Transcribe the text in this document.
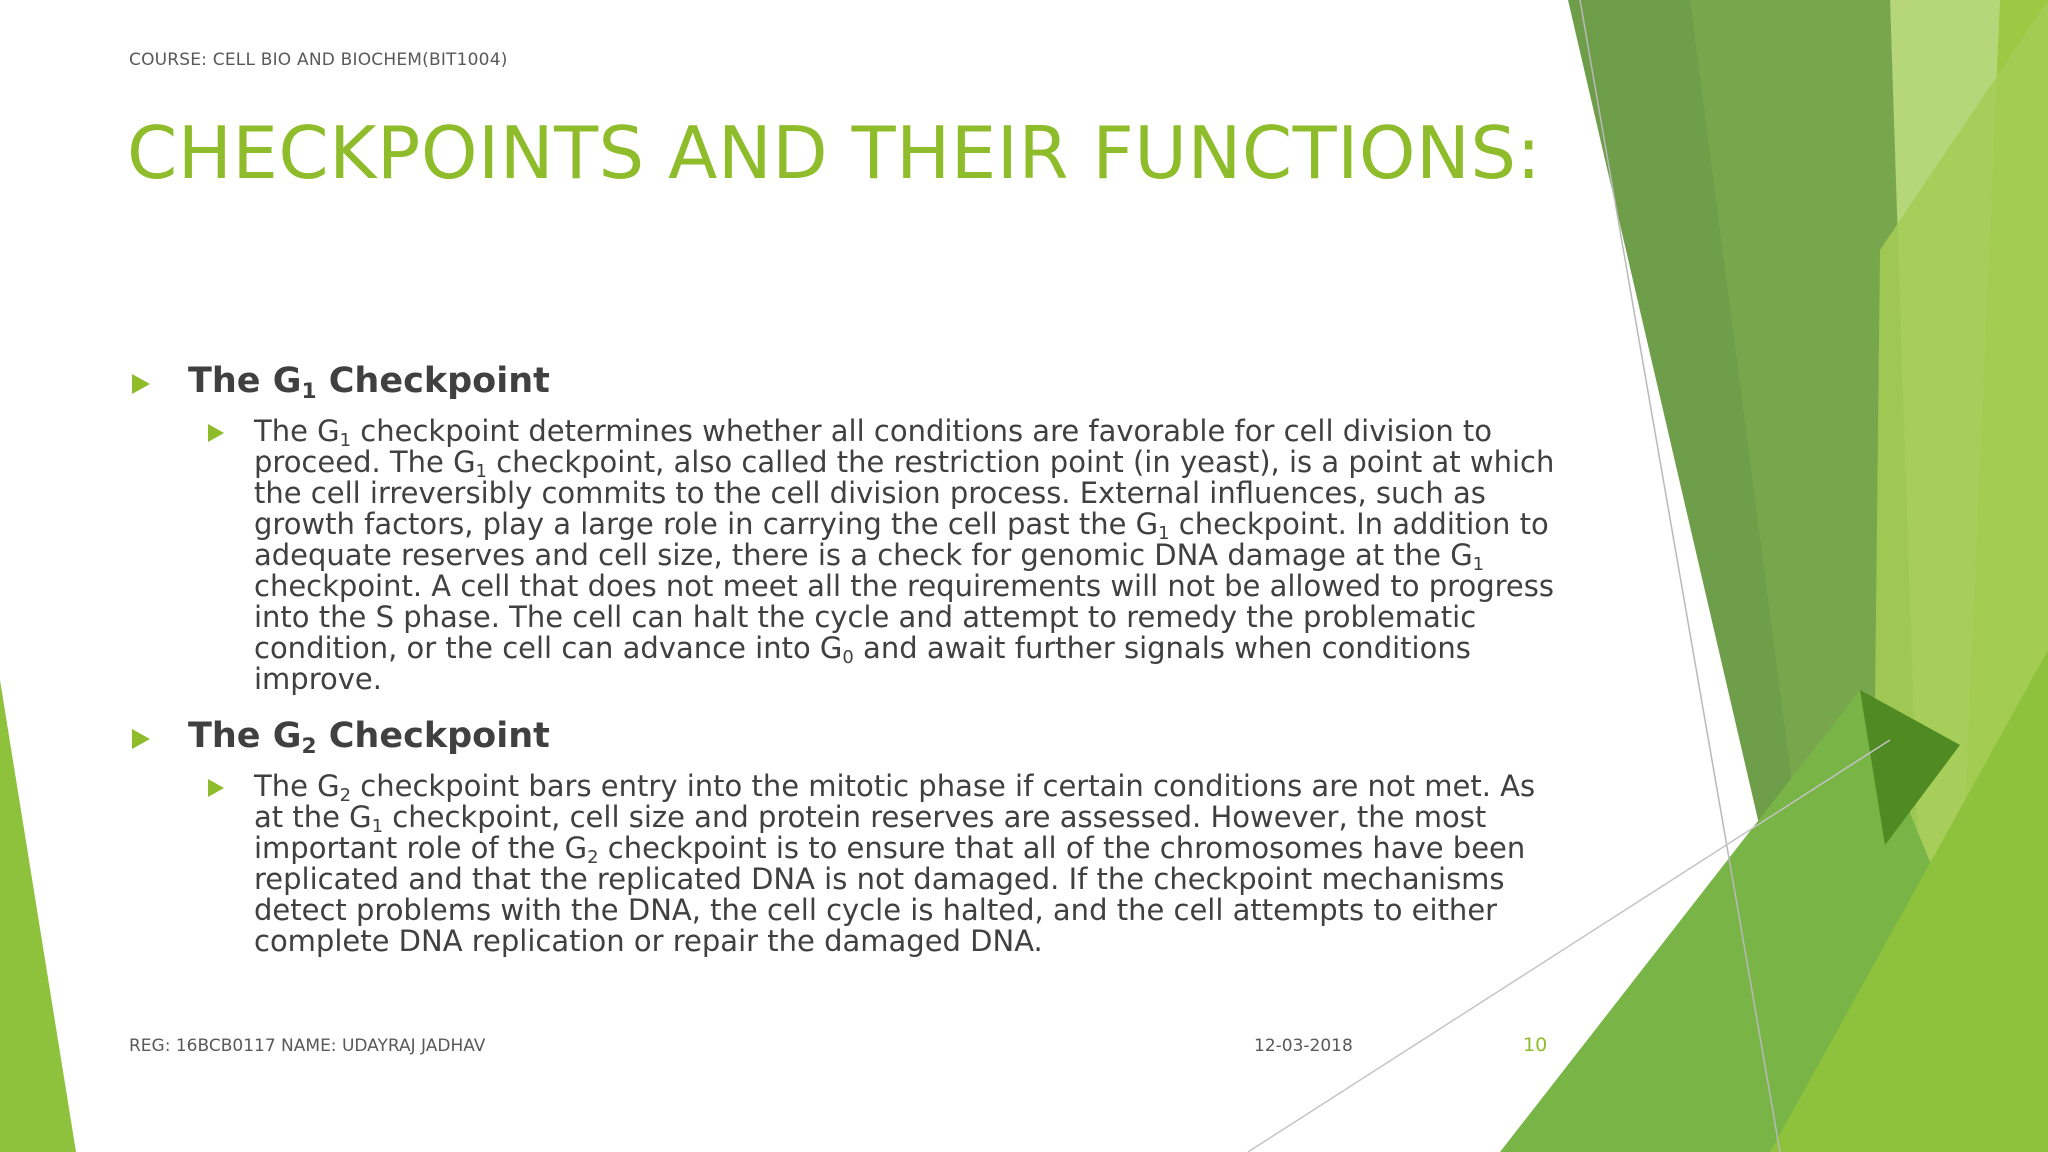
COURSE: CELL BIO AND BIOCHEM(BIT1004)
CHECKPOINTS AND THEIR FUNCTIONS:
The $G_1$ Checkpoint
The $G_1$ checkpoint determines whether all conditions are favorable for cell division to proceed. The $G_1$ checkpoint, also called the restriction point (in yeast), is a point at which the cell irreversibly commits to the cell division process. External influences, such as growth factors, play a large role in carrying the cell past the $G_1$ checkpoint. In addition to adequate reserves and cell size, there is a check for genomic DNA damage at the $G_1$ checkpoint. A cell that does not meet all the requirements will not be allowed to progress into the S phase. The cell can halt the cycle and attempt to remedy the problematic condition, or the cell can advance into $G_0$ and await further signals when conditions improve.
The $G_2$ Checkpoint
The $G_2$ checkpoint bars entry into the mitotic phase if certain conditions are not met. As at the $G_1$ checkpoint, cell size and protein reserves are assessed. However, the most important role of the $G_2$ checkpoint is to ensure that all of the chromosomes have been replicated and that the replicated DNA is not damaged. If the checkpoint mechanisms detect problems with the DNA, the cell cycle is halted, and the cell attempts to either complete DNA replication or repair the damaged DNA.
REG: 16BCB0117 NAME: UDAYRAJ JADHAV	12-03-2018	10
